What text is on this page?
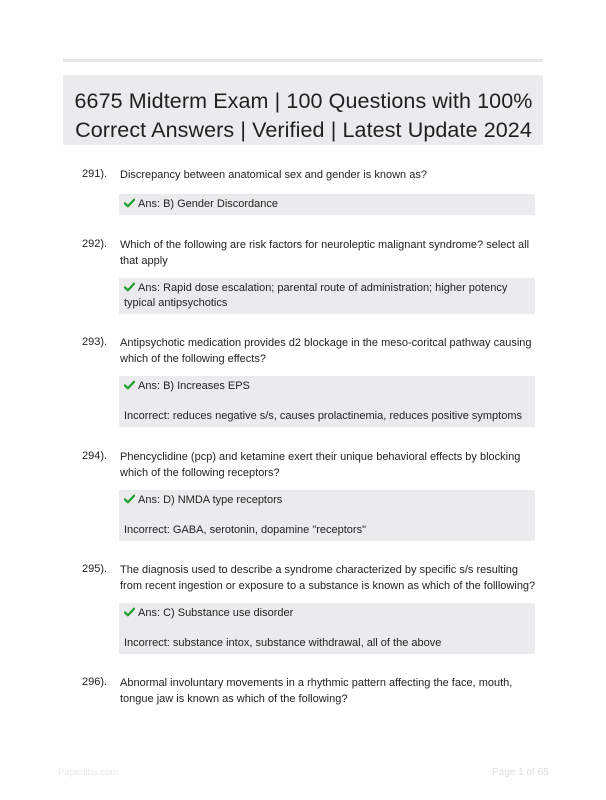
6675 Midterm Exam | 100 Questions with 100% Correct Answers | Verified | Latest Update 2024
291). Discrepancy between anatomical sex and gender is known as?
Ans: B) Gender Discordance
292). Which of the following are risk factors for neuroleptic malignant syndrome? select all that apply
Ans: Rapid dose escalation; parental route of administration; higher potency typical antipsychotics
293). Antipsychotic medication provides d2 blockage in the meso-coritcal pathway causing which of the following effects?
Ans: B) Increases EPS
Incorrect: reduces negative s/s, causes prolactinemia, reduces positive symptoms
294). Phencyclidine (pcp) and ketamine exert their unique behavioral effects by blocking which of the following receptors?
Ans: D) NMDA type receptors
Incorrect: GABA, serotonin, dopamine "receptors"
295). The diagnosis used to describe a syndrome characterized by specific s/s resulting from recent ingestion or exposure to a substance is known as which of the folllowing?
Ans: C) Substance use disorder
Incorrect: substance intox, substance withdrawal, all of the above
296). Abnormal involuntary movements in a rhythmic pattern affecting the face, mouth, tongue jaw is known as which of the following?
Paperlibs.com	Page 1 of 65
